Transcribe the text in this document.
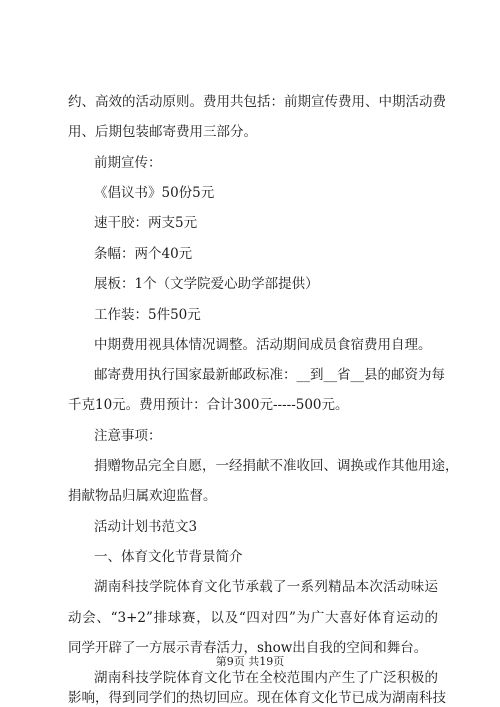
约、高效的活动原则。费用共包括：前期宣传费用、中期活动费
用、后期包装邮寄费用三部分。
前期宣传：
《倡议书》50份5元
速干胶：两支5元
条幅：两个40元
展板：1个（文学院爱心助学部提供）
工作装：5件50元
中期费用视具体情况调整。活动期间成员食宿费用自理。
邮寄费用执行国家最新邮政标准：__到__省__县的邮资为每
千克10元。费用预计：合计300元-----500元。
注意事项：
捐赠物品完全自愿，一经捐献不准收回、调换或作其他用途，
捐献物品归属欢迎监督。
活动计划书范文3
一、体育文化节背景简介
湖南科技学院体育文化节承载了一系列精品本次活动味运
动会、“3+2”排球赛，以及“四对四”为广大喜好体育运动的
同学开辟了一方展示青春活力，show出自我的空间和舞台。
湖南科技学院体育文化节在全校范围内产生了广泛积极的
影响，得到同学们的热切回应。现在体育文化节已成为湖南科技
第9页 共19页
